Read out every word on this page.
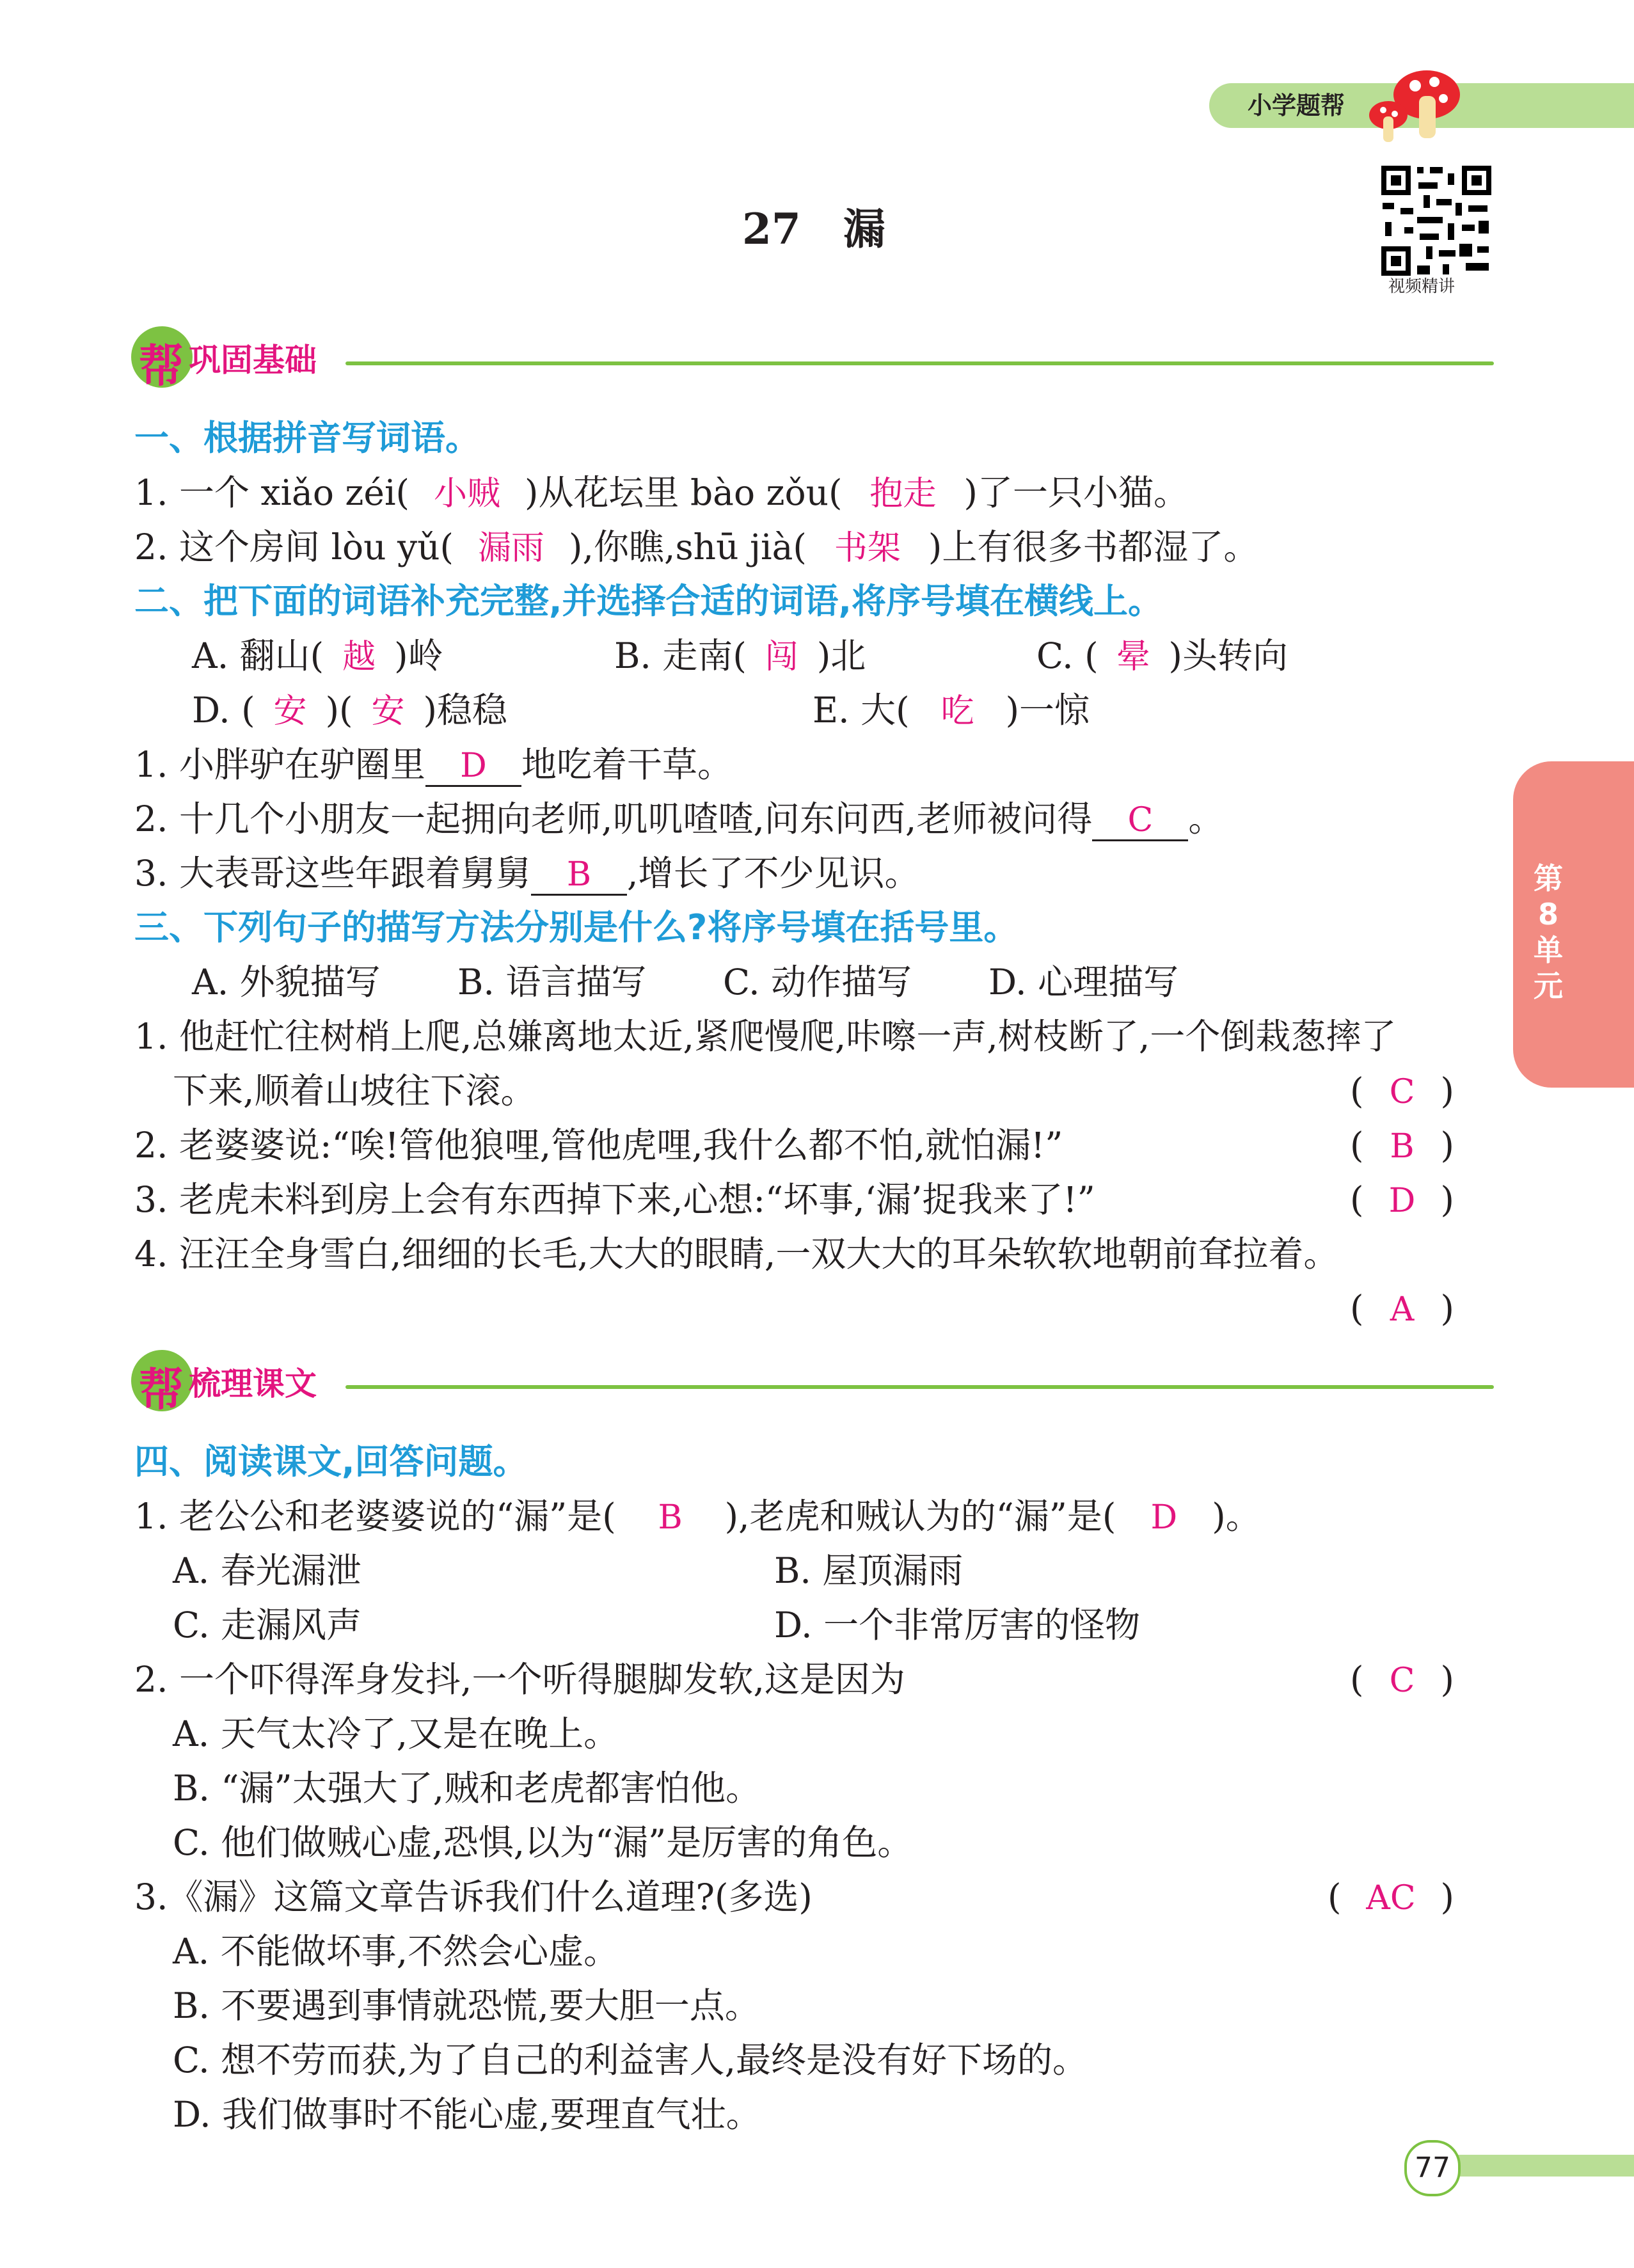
小学题帮
视频精讲
27　漏
第
8
单
元
帮 巩固基础
一、根据拼音写词语。
1. 一个 xiǎo zéi( 小贼 )从花坛里 bào zǒu( 抱走 )了一只小猫。
2. 这个房间 lòu yǔ( 漏雨 ),你瞧,shū jià( 书架 )上有很多书都湿了。
二、把下面的词语补充完整,并选择合适的词语,将序号填在横线上。
A. 翻山( 越 )岭	B. 走南( 闯 )北	C. ( 晕 )头转向
D. ( 安 )( 安 )稳稳	E. 大( 吃 )一惊
1. 小胖驴在驴圈里 D 地吃着干草。
2. 十几个小朋友一起拥向老师,叽叽喳喳,问东问西,老师被问得 C 。
3. 大表哥这些年跟着舅舅 B ,增长了不少见识。
三、下列句子的描写方法分别是什么?将序号填在括号里。
A. 外貌描写 B. 语言描写 C. 动作描写 D. 心理描写
1. 他赶忙往树梢上爬,总嫌离地太近,紧爬慢爬,咔嚓一声,树枝断了,一个倒栽葱摔了
下来,顺着山坡往下滚。	( C )
2. 老婆婆说:“唉!管他狼哩,管他虎哩,我什么都不怕,就怕漏!”	( B )
3. 老虎未料到房上会有东西掉下来,心想:“坏事,‘漏’捉我来了!”	( D )
4. 汪汪全身雪白,细细的长毛,大大的眼睛,一双大大的耳朵软软地朝前耷拉着。
( A )
帮 梳理课文
四、阅读课文,回答问题。
1. 老公公和老婆婆说的“漏”是( B ),老虎和贼认为的“漏”是( D )。
A. 春光漏泄	B. 屋顶漏雨
C. 走漏风声	D. 一个非常厉害的怪物
2. 一个吓得浑身发抖,一个听得腿脚发软,这是因为	( C )
A. 天气太冷了,又是在晚上。
B. “漏”太强大了,贼和老虎都害怕他。
C. 他们做贼心虚,恐惧,以为“漏”是厉害的角色。
3.《漏》这篇文章告诉我们什么道理?(多选)	( AC )
A. 不能做坏事,不然会心虚。
B. 不要遇到事情就恐慌,要大胆一点。
C. 想不劳而获,为了自己的利益害人,最终是没有好下场的。
D. 我们做事时不能心虚,要理直气壮。
77
